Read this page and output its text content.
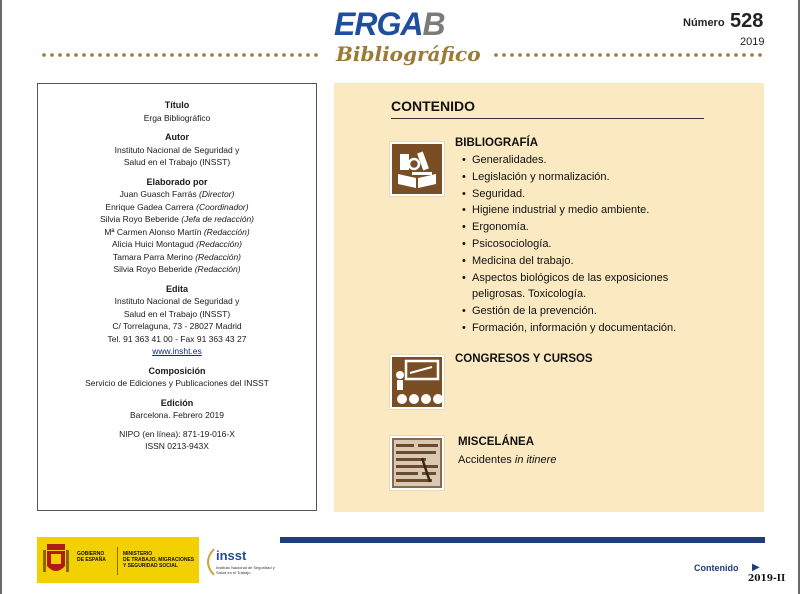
ERGAB
Bibliográfico
Número 528
2019
Título
Erga Bibliográfico
Autor
Instituto Nacional de Seguridad y
Salud en el Trabajo (INSST)
Elaborado por
Juan Guasch Farrás (Director)
Enrique Gadea Carrera (Coordinador)
Silvia Royo Beberide (Jefa de redacción)
Mª Carmen Alonso Martín (Redacción)
Alicia Huici Montagud (Redacción)
Tamara Parra Merino (Redacción)
Silvia Royo Beberide (Redacción)
Edita
Instituto Nacional de Seguridad y
Salud en el Trabajo (INSST)
C/ Torrelaguna, 73 - 28027 Madrid
Tel. 91 363 41 00 - Fax 91 363 43 27
www.insht.es
Composición
Servicio de Ediciones y Publicaciones del INSST
Edición
Barcelona. Febrero 2019
NIPO (en línea): 871-19-016-X
ISSN 0213-943X
CONTENIDO
BIBLIOGRAFÍA
• Generalidades.
• Legislación y normalización.
• Seguridad.
• Higiene industrial y medio ambiente.
• Ergonomía.
• Psicosociología.
• Medicina del trabajo.
• Aspectos biológicos de las exposiciones
peligrosas. Toxicología.
• Gestión de la prevención.
• Formación, información y documentación.
CONGRESOS Y CURSOS
MISCELÁNEA
Accidentes in itinere
GOBIERNO
DE ESPAÑA
MINISTERIO
DE TRABAJO, MIGRACIONES
Y SEGURIDAD SOCIAL
insst
Instituto Nacional de Seguridad y Salud en el Trabajo	Contenido ▶
2019-II
